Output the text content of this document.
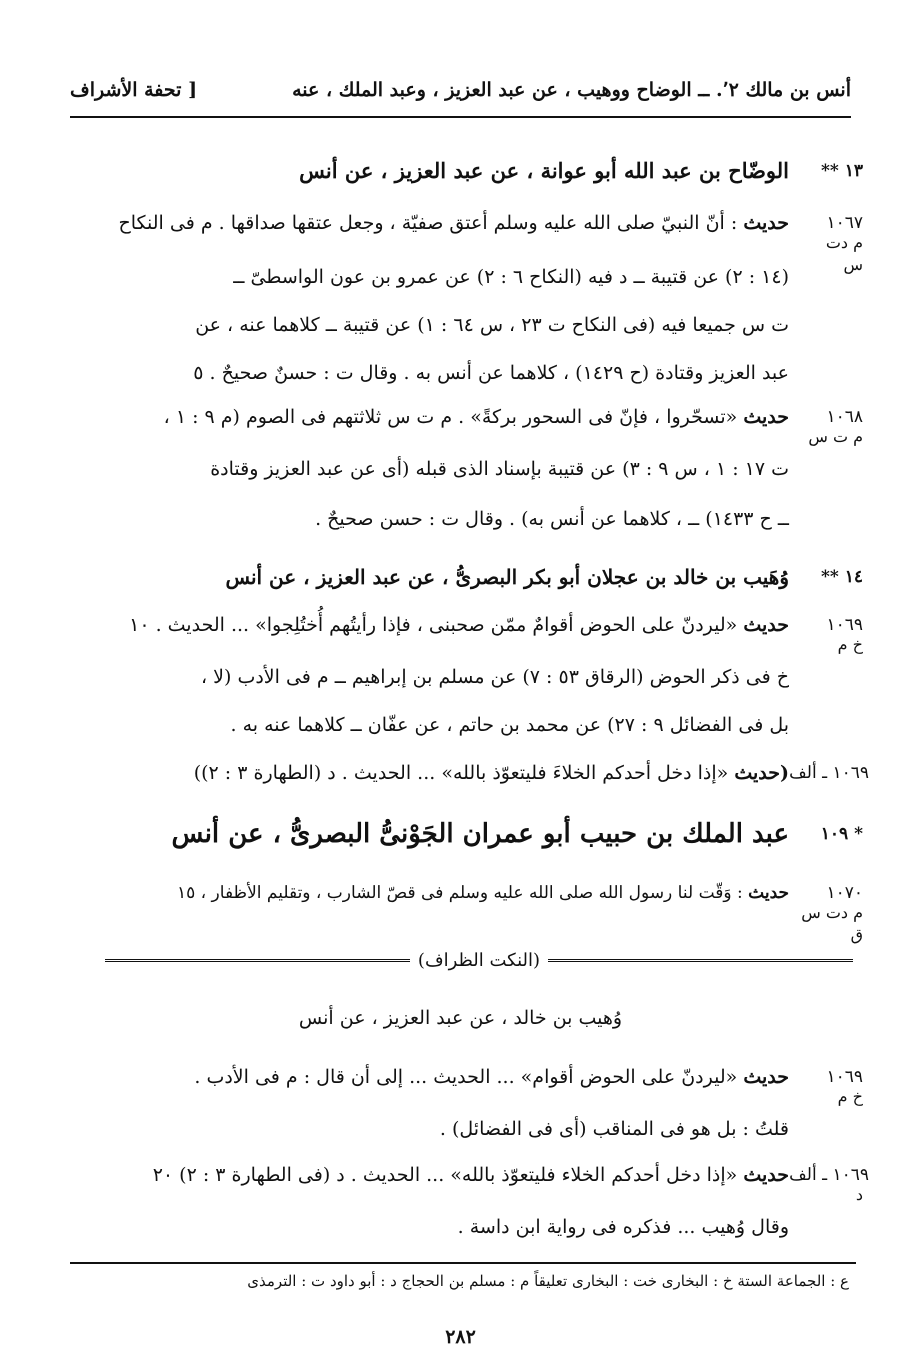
أنس بن مالك ٬٢. ــ الوضاح ووهيب ، عن عبد العزيز ، وعبد الملك ، عنه
[ تحفة الأشراف
١٣ **
الوضّاح بن عبد الله أبو عوانة ، عن عبد العزيز ، عن أنس
١٠٦٧
م دت س
حديث : أنّ النبيّ صلى الله عليه وسلم أعتق صفيّة ، وجعل عتقها صداقها . م فى النكاح
(١٤ : ٢) عن قتيبة ــ د فيه (النكاح ٦ : ٢) عن عمرو بن عون الواسطىّ ــ
ت س جميعا فيه (فى النكاح ت ٢٣ ، س ٦٤ : ١) عن قتيبة ــ كلاهما عنه ، عن
عبد العزيز وقتادة (ح ١٤٢٩) ، كلاهما عن أنس به . وقال ت : حسنٌ صحيحٌ . ٥
١٠٦٨
م ت س
حديث «تسحّروا ، فإنّ فى السحور بركةً» . م ت س ثلاثتهم فى الصوم (م ٩ : ١ ،
ت ١٧ : ١ ، س ٩ : ٣) عن قتيبة بإسناد الذى قبله (أى عن عبد العزيز وقتادة
ــ ح ١٤٣٣) ــ ، كلاهما عن أنس به) . وقال ت : حسن صحيحٌ .
١٤ **
وُهَيب بن خالد بن عجلان أبو بكر البصرىُّ ، عن عبد العزيز ، عن أنس
١٠٦٩
خ م
حديث «ليردنّ على الحوض أقوامٌ ممّن صحبنى ، فإذا رأيتُهم أُختُلِجوا» ... الحديث . ١٠
خ فى ذكر الحوض (الرقاق ٥٣ : ٧) عن مسلم بن إبراهيم ــ م فى الأدب (لا ،
بل فى الفضائل ٩ : ٢٧) عن محمد بن حاتم ، عن عفّان ــ كلاهما عنه به .
١٠٦٩ ـ ألف
(حديث «إذا دخل أحدكم الخلاءَ فليتعوّذ بالله» ... الحديث . د (الطهارة ٣ : ٢))
* ١٠٩
عبد الملك بن حبيب أبو عمران الجَوْنىُّ البصرىُّ ، عن أنس
١٠٧٠
م دت س ق
حديث : وَقّت لنا رسول الله صلى الله عليه وسلم فى قصّ الشارب ، وتقليم الأظفار ، ١٥
(النكت الظراف)
وُهيب بن خالد ، عن عبد العزيز ، عن أنس
١٠٦٩
خ م
حديث «ليردنّ على الحوض أقوام» ... الحديث ... إلى أن قال : م فى الأدب .
قلتُ : بل هو فى المناقب (أى فى الفضائل) .
١٠٦٩ ـ ألف
د
حديث «إذا دخل أحدكم الخلاء فليتعوّذ بالله» ... الحديث . د (فى الطهارة ٣ : ٢) ٢٠
وقال وُهيب ... فذكره فى رواية ابن داسة .
ع : الجماعة الستة خ : البخارى خت : البخارى تعليقاً م : مسلم بن الحجاج د : أبو داود ت : الترمذى
٢٨٢
